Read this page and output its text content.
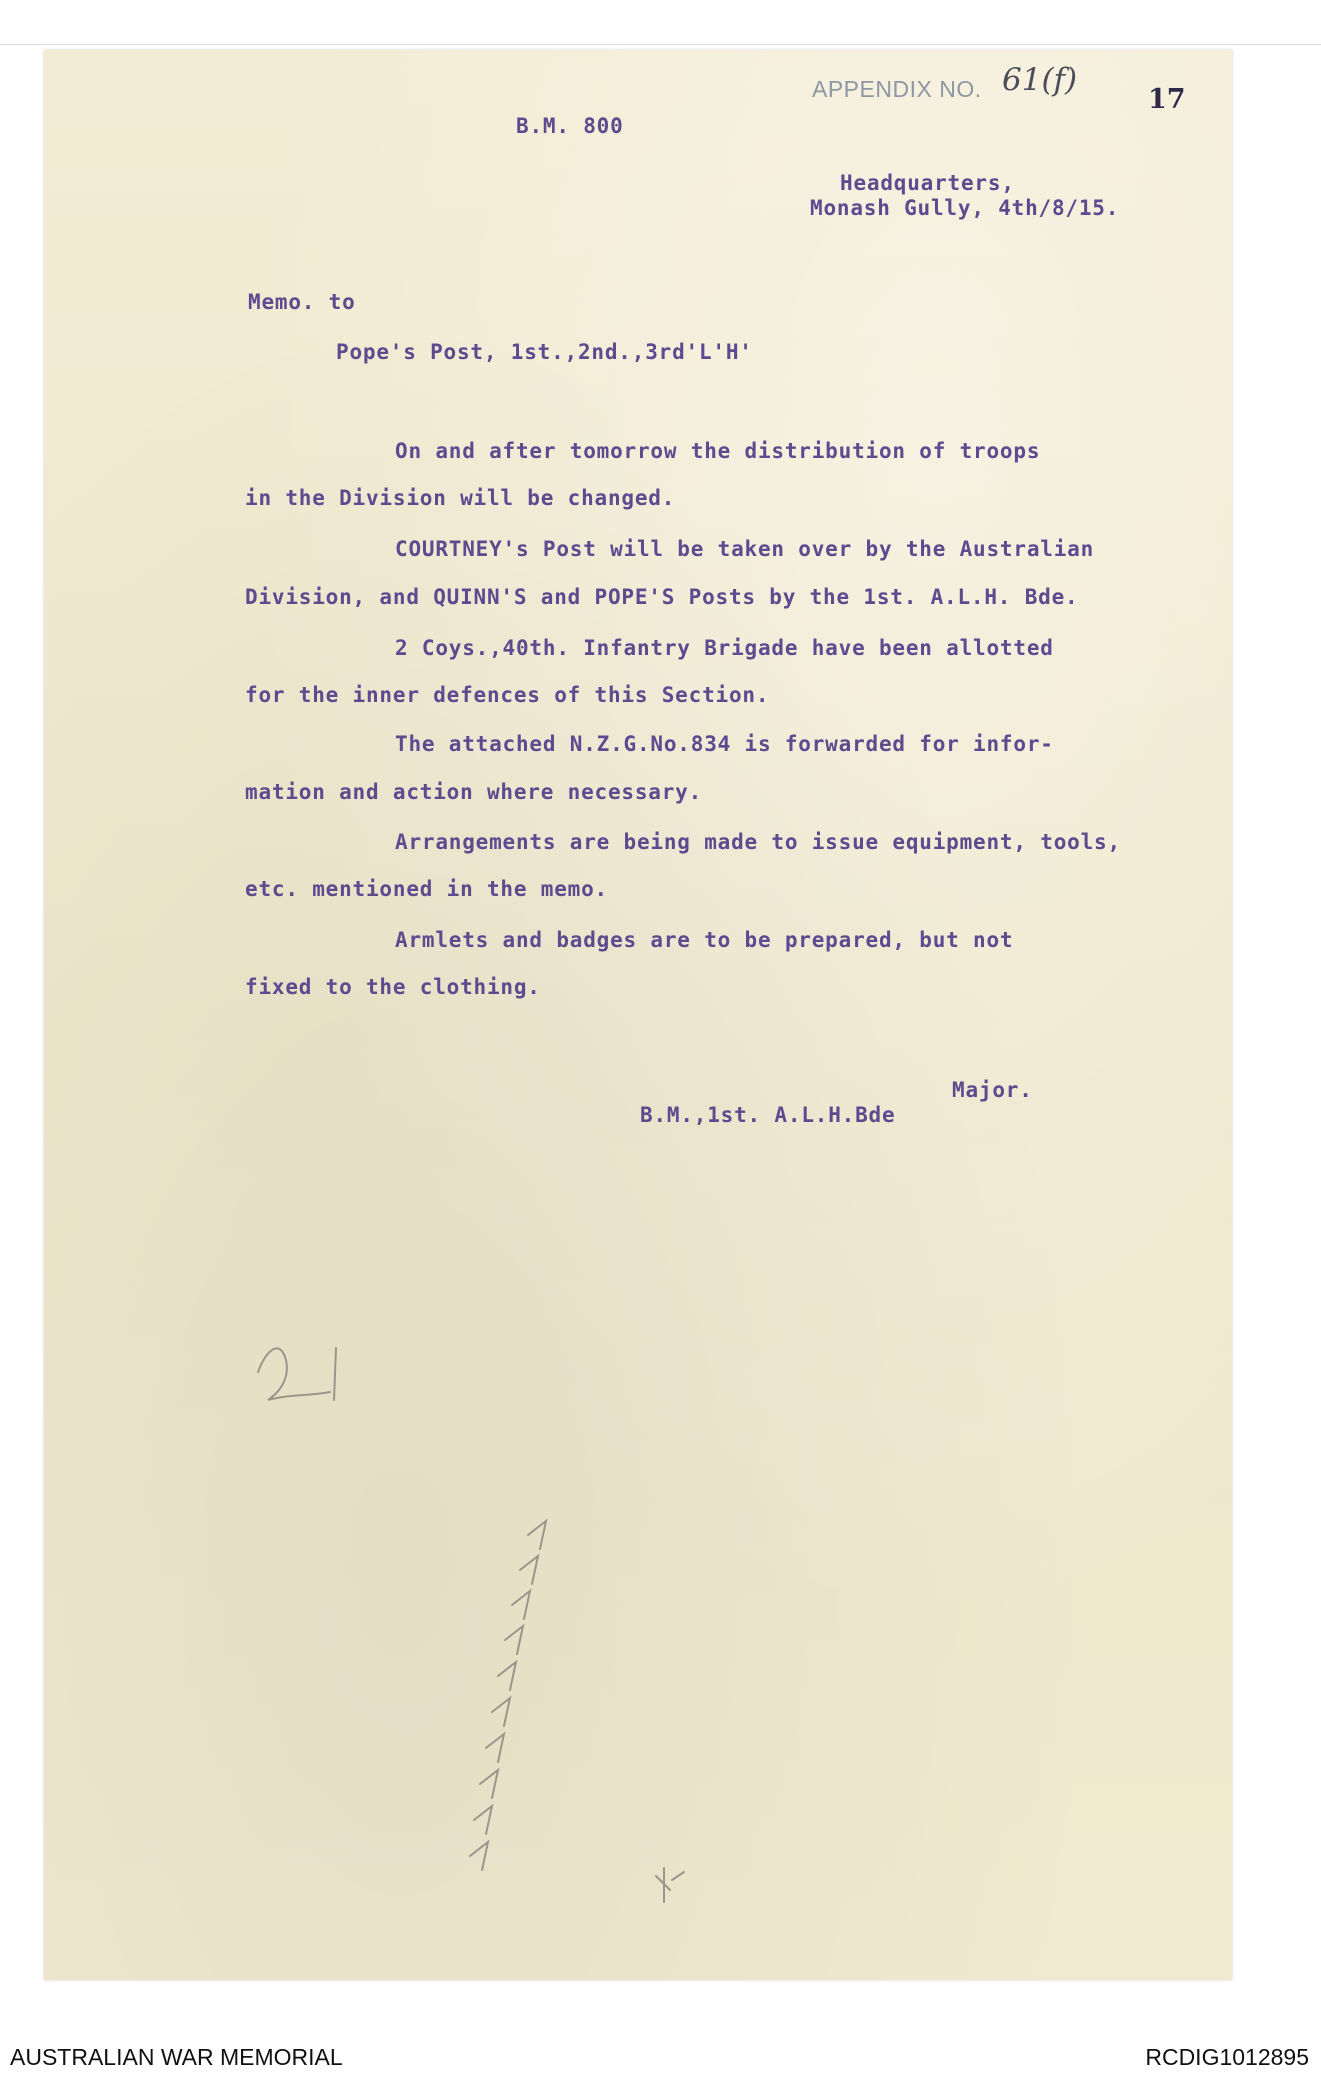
APPENDIX NO. 61(f)
17
B.M. 800
Headquarters,
Monash Gully, 4th/8/15.
Memo. to
Pope's Post, 1st.,2nd.,3rd'L'H'
On and after tomorrow the distribution of troops
in the Division will be changed.
COURTNEY's Post will be taken over by the Australian
Division, and QUINN'S and POPE'S Posts by the 1st. A.L.H. Bde.
2 Coys.,40th. Infantry Brigade have been allotted
for the inner defences of this Section.
The attached N.Z.G.No.834 is forwarded for infor-
mation and action where necessary.
Arrangements are being made to issue equipment, tools,
etc. mentioned in the memo.
Armlets and badges are to be prepared, but not
fixed to the clothing.
Major.
B.M.,1st. A.L.H.Bde
AUSTRALIAN WAR MEMORIAL	RCDIG1012895
